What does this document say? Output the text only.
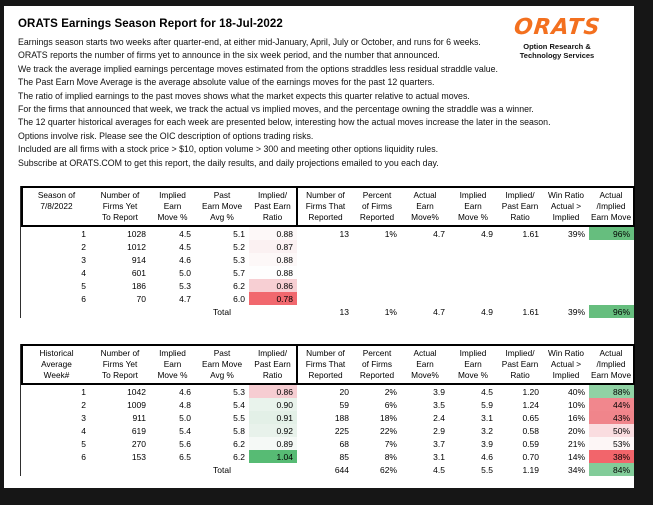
ORATS Earnings Season Report for 18-Jul-2022	ORATS
Option Research &
Technology Services
Earnings season starts two weeks after quarter-end, at either mid-January, April, July or October, and runs for 6 weeks.
ORATS reports the number of firms yet to announce in the six week period, and the number that announced.
We track the average implied earnings percentage moves estimated from the options straddles less residual straddle value.
The Past Earn Move Average is the average absolute value of the earnings moves for the past 12 quarters.
The ratio of implied earnings to the past moves shows what the market expects this quarter relative to actual moves.
For the firms that announced that week, we track the actual vs implied moves, and the percentage owning the straddle was a winner.
The 12 quarter historical averages for each week are presented below, interesting how the actual moves increase the later in the season.
Options involve risk. Please see the OIC description of options trading risks.
Included are all firms with a stock price > $10, option volume > 300 and meeting other options liquidity rules.
Subscribe at ORATS.COM to get this report, the daily results, and daily projections emailed to you each day.
Season of
7/8/2022

Number of
Firms Yet
To Report

Implied
Earn
Move %

Past
Earn Move
Avg %

Implied/
Past Earn
Ratio

Number of
Firms That
Reported

Percent
of Firms
Reported

Actual
Earn
Move%

Implied
Earn
Move %

Implied/
Past Earn
Ratio

Win Ratio
Actual >
Implied

Actual
/Implied
Earn Move

1	1028	4.5	5.1	0.88	13	1%	4.7	4.9	1.61	39%	96%
2	1012	4.5	5.2	0.87							
3	914	4.6	5.3	0.88							
4	601	5.0	5.7	0.88							
5	186	5.3	6.2	0.86							
6	70	4.7	6.0	0.78							
			Total		13	1%	4.7	4.9	1.61	39%	96%
Historical
Average
Week#

Number of
Firms Yet
To Report

Implied
Earn
Move %

Past
Earn Move
Avg %

Implied/
Past Earn
Ratio

Number of
Firms That
Reported

Percent
of Firms
Reported

Actual
Earn
Move%

Implied
Earn
Move %

Implied/
Past Earn
Ratio

Win Ratio
Actual >
Implied

Actual
/Implied
Earn Move

1	1042	4.6	5.3	0.86	20	2%	3.9	4.5	1.20	40%	88%
2	1009	4.8	5.4	0.90	59	6%	3.5	5.9	1.24	10%	44%
3	911	5.0	5.5	0.91	188	18%	2.4	3.1	0.65	16%	43%
4	619	5.4	5.8	0.92	225	22%	2.9	3.2	0.58	20%	50%
5	270	5.6	6.2	0.89	68	7%	3.7	3.9	0.59	21%	53%
6	153	6.5	6.2	1.04	85	8%	3.1	4.6	0.70	14%	38%
			Total		644	62%	4.5	5.5	1.19	34%	84%
